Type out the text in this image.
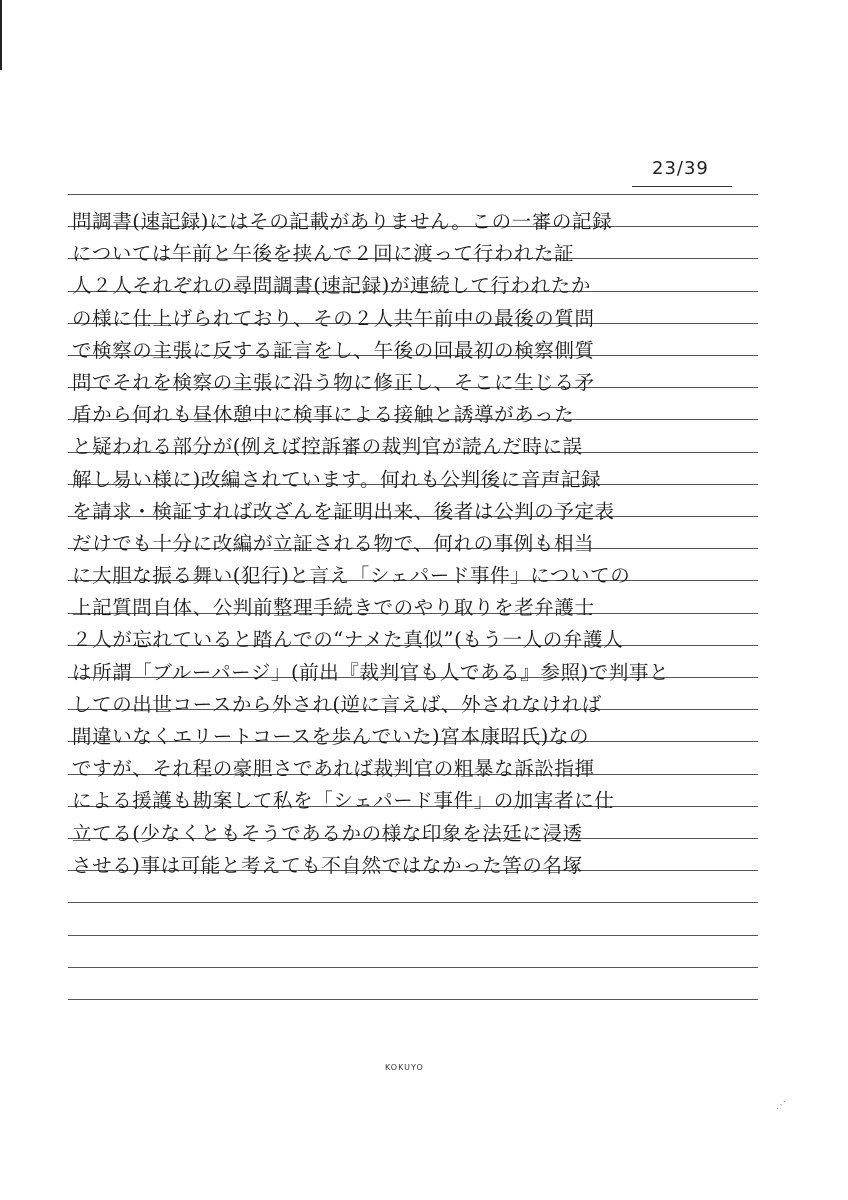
23/39
問調書(速記録)にはその記載がありません。この一審の記録
については午前と午後を挟んで２回に渡って行われた証
人２人それぞれの尋問調書(速記録)が連続して行われたか
の様に仕上げられており、その２人共午前中の最後の質問
で検察の主張に反する証言をし、午後の回最初の検察側質
問でそれを検察の主張に沿う物に修正し、そこに生じる矛
盾から何れも昼休憩中に検事による接触と誘導があった
と疑われる部分が(例えば控訴審の裁判官が読んだ時に誤
解し易い様に)改編されています。何れも公判後に音声記録
を請求・検証すれば改ざんを証明出来、後者は公判の予定表
だけでも十分に改編が立証される物で、何れの事例も相当
に大胆な振る舞い(犯行)と言え「シェパード事件」についての
上記質問自体、公判前整理手続きでのやり取りを老弁護士
２人が忘れていると踏んでの“ナメた真似”(もう一人の弁護人
は所謂「ブルーパージ」(前出『裁判官も人である』参照)で判事と
しての出世コースから外され(逆に言えば、外されなければ
間違いなくエリートコースを歩んでいた)宮本康昭氏)なの
ですが、それ程の豪胆さであれば裁判官の粗暴な訴訟指揮
による援護も勘案して私を「シェパード事件」の加害者に仕
立てる(少なくともそうであるかの様な印象を法廷に浸透
させる)事は可能と考えても不自然ではなかった筈の名塚
KOKUYO
⋰
